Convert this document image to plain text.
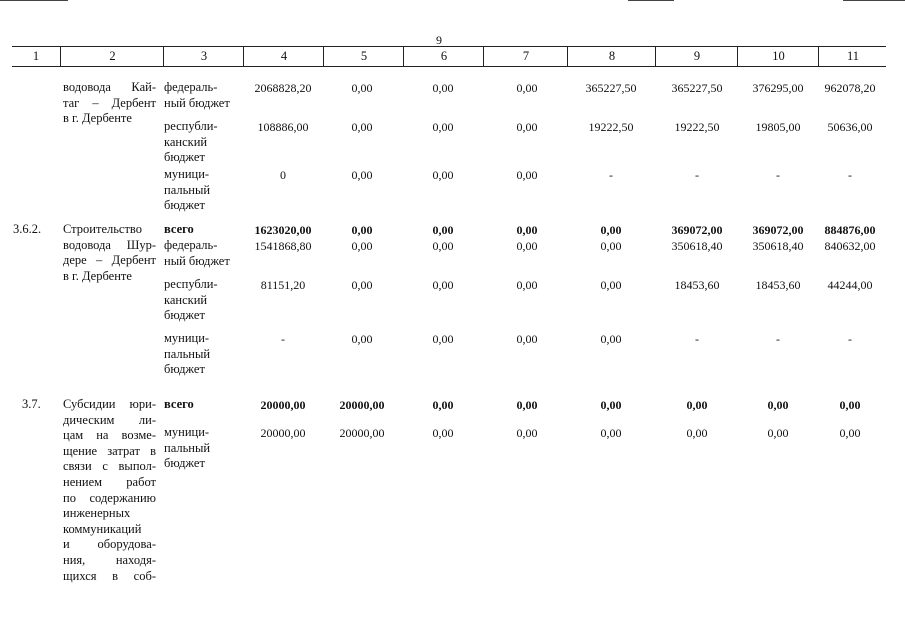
9
1	2	3	4	5	6	7	8	9	10	11
водовода Кай-
таг – Дербент
в г. Дербенте
федераль-
ный бюджет
2068828,20	0,00	0,00	0,00	365227,50	365227,50	376295,00	962078,20
республи-
канский
бюджет
108886,00	0,00	0,00	0,00	19222,50	19222,50	19805,00	50636,00
муници-
пальный
бюджет
0	0,00	0,00	0,00	-	-	-	-
3.6.2. Строительство
водовода Шур-
дере – Дербент
в г. Дербенте
всего	1623020,00	0,00	0,00	0,00	0,00	369072,00	369072,00	884876,00
федераль-
ный бюджет
1541868,80	0,00	0,00	0,00	0,00	350618,40	350618,40	840632,00
республи-
канский
бюджет
81151,20	0,00	0,00	0,00	0,00	18453,60	18453,60	44244,00
муници-
пальный
бюджет
-	0,00	0,00	0,00	0,00	-	-	-
3.7. Субсидии юри-
дическим ли-
цам на возме-
щение затрат в
связи с выпол-
нением работ
по содержанию
инженерных
коммуникаций
и оборудова-
ния, находя-
щихся в соб-
всего	20000,00	20000,00	0,00	0,00	0,00	0,00	0,00	0,00
муници-
пальный
бюджет
20000,00	20000,00	0,00	0,00	0,00	0,00	0,00	0,00
